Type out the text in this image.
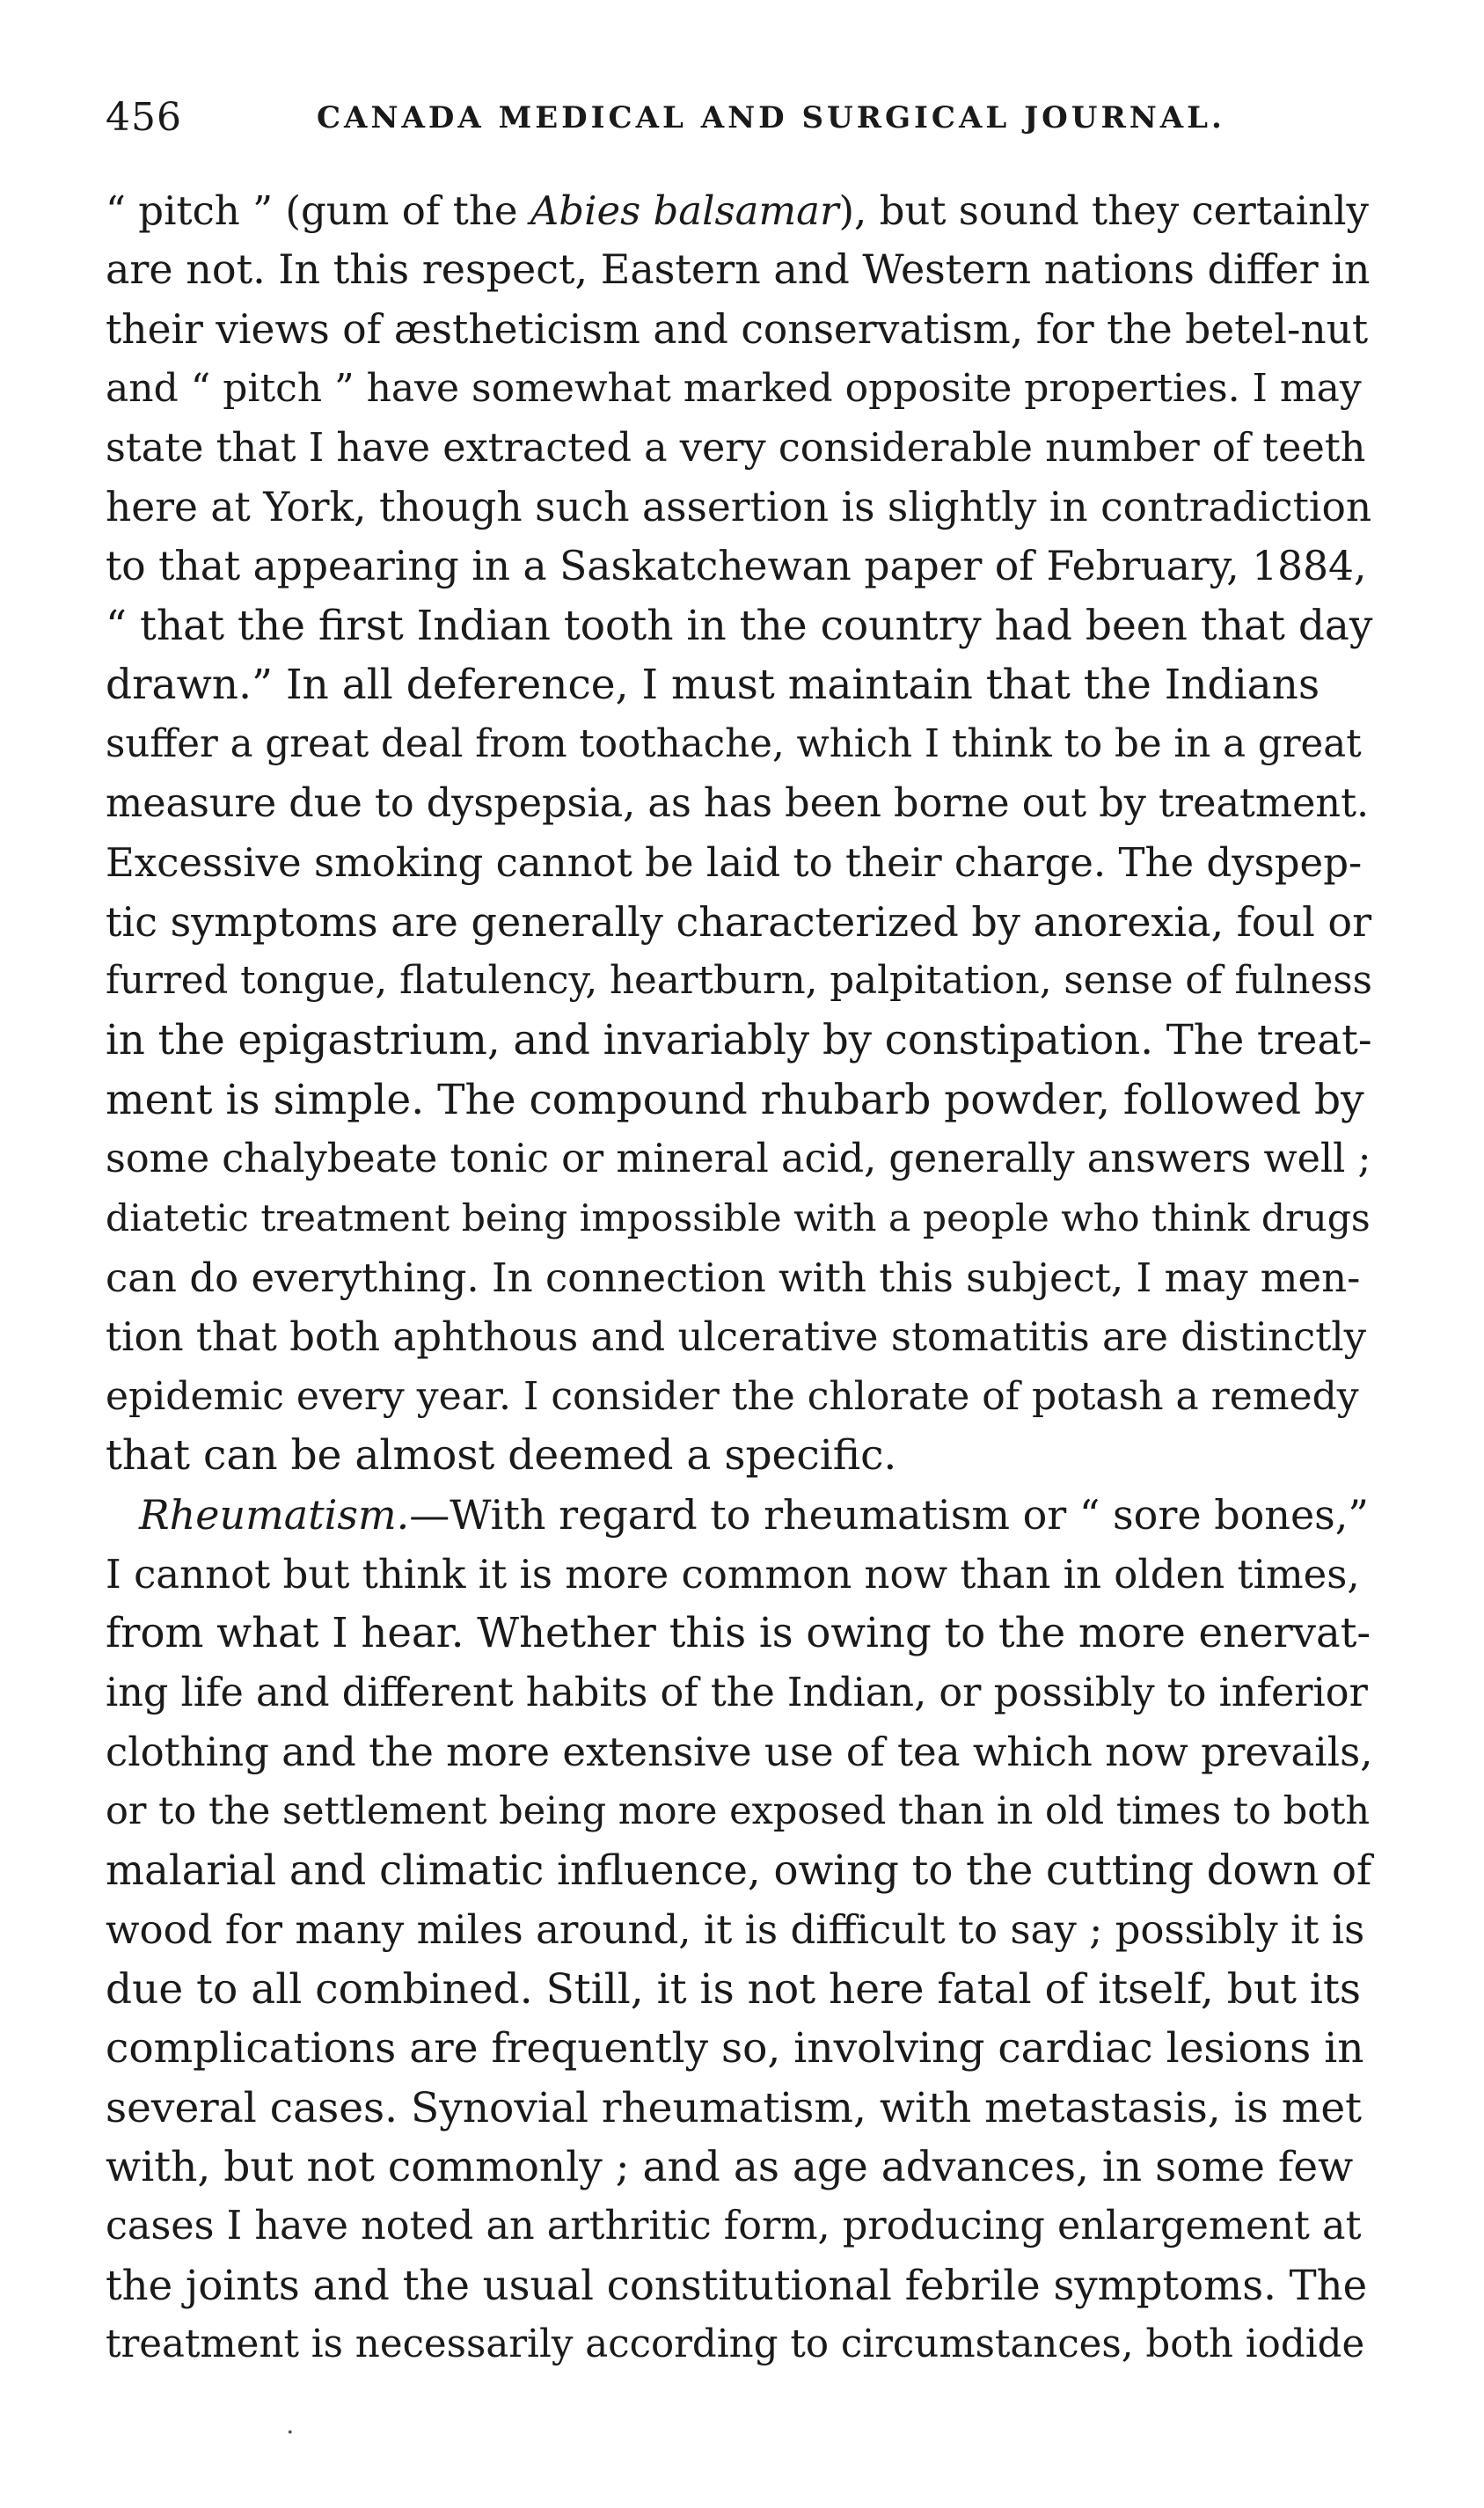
456	CANADA MEDICAL AND SURGICAL JOURNAL.
“ pitch ” (gum of the Abies balsamar), but sound they certainly
are not. In this respect, Eastern and Western nations differ in
their views of æstheticism and conservatism, for the betel-nut
and “ pitch ” have somewhat marked opposite properties. I may
state that I have extracted a very considerable number of teeth
here at York, though such assertion is slightly in contradiction
to that appearing in a Saskatchewan paper of February, 1884,
“ that the first Indian tooth in the country had been that day
drawn.” In all deference, I must maintain that the Indians
suffer a great deal from toothache, which I think to be in a great
measure due to dyspepsia, as has been borne out by treatment.
Excessive smoking cannot be laid to their charge. The dyspep-
tic symptoms are generally characterized by anorexia, foul or
furred tongue, flatulency, heartburn, palpitation, sense of fulness
in the epigastrium, and invariably by constipation. The treat-
ment is simple. The compound rhubarb powder, followed by
some chalybeate tonic or mineral acid, generally answers well ;
diatetic treatment being impossible with a people who think drugs
can do everything. In connection with this subject, I may men-
tion that both aphthous and ulcerative stomatitis are distinctly
epidemic every year. I consider the chlorate of potash a remedy
that can be almost deemed a specific.
Rheumatism.—With regard to rheumatism or “ sore bones,”
I cannot but think it is more common now than in olden times,
from what I hear. Whether this is owing to the more enervat-
ing life and different habits of the Indian, or possibly to inferior
clothing and the more extensive use of tea which now prevails,
or to the settlement being more exposed than in old times to both
malarial and climatic influence, owing to the cutting down of
wood for many miles around, it is difficult to say ; possibly it is
due to all combined. Still, it is not here fatal of itself, but its
complications are frequently so, involving cardiac lesions in
several cases. Synovial rheumatism, with metastasis, is met
with, but not commonly ; and as age advances, in some few
cases I have noted an arthritic form, producing enlargement at
the joints and the usual constitutional febrile symptoms. The
treatment is necessarily according to circumstances, both iodide
·
